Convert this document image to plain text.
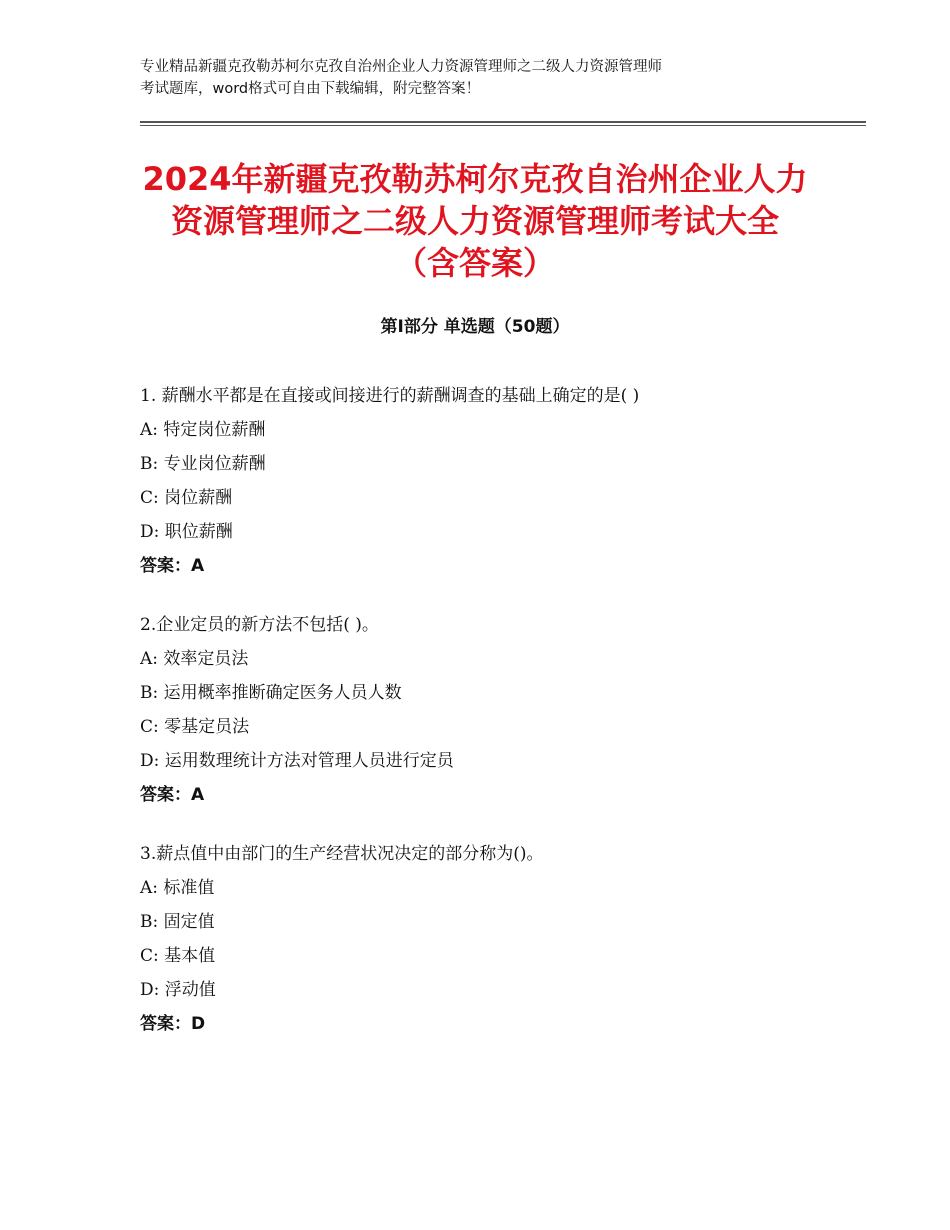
专业精品新疆克孜勒苏柯尔克孜自治州企业人力资源管理师之二级人力资源管理师
考试题库，word格式可自由下载编辑，附完整答案！
2024年新疆克孜勒苏柯尔克孜自治州企业人力资源管理师之二级人力资源管理师考试大全（含答案）
第Ⅰ部分 单选题（50题）
1. 薪酬水平都是在直接或间接进行的薪酬调查的基础上确定的是( )
A: 特定岗位薪酬
B: 专业岗位薪酬
C: 岗位薪酬
D: 职位薪酬
答案：A
2.企业定员的新方法不包括( )。
A: 效率定员法
B: 运用概率推断确定医务人员人数
C: 零基定员法
D: 运用数理统计方法对管理人员进行定员
答案：A
3.薪点值中由部门的生产经营状况决定的部分称为()。
A: 标准值
B: 固定值
C: 基本值
D: 浮动值
答案：D
